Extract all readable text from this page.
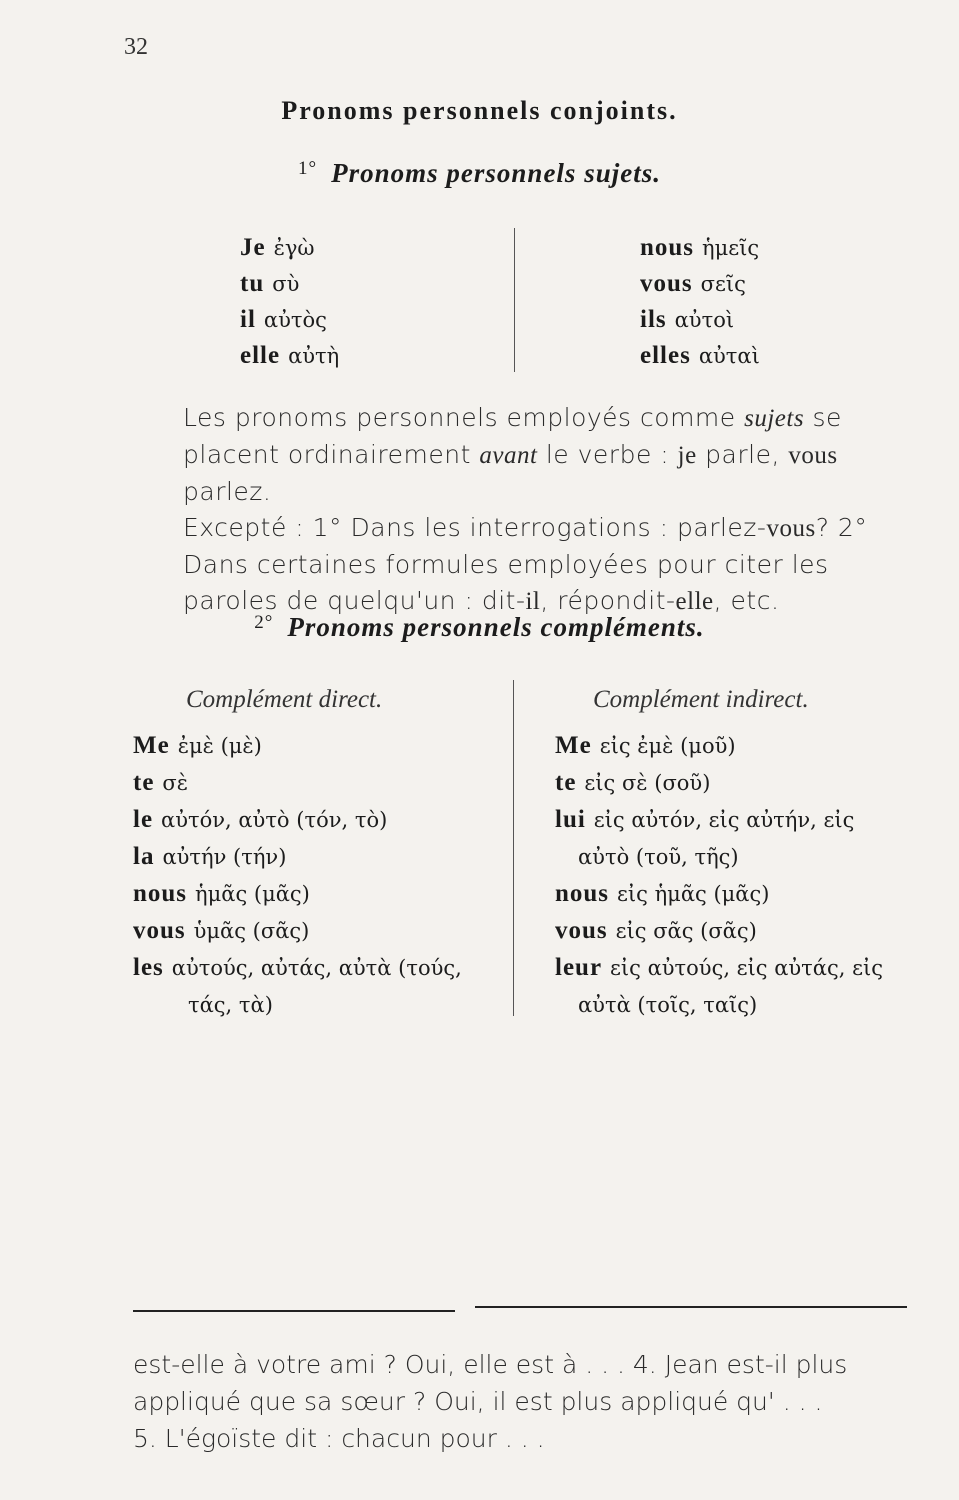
32
Pronoms personnels conjoints.
$^{1^\circ}$ Pronoms personnels sujets.
Je ἐγὼ
tu σὺ
il αὐτὸς
elle αὐτὴ
nous ἡμεῖς
vous σεῖς
ils αὐτοὶ
elles αὐταὶ
Les pronoms personnels employés comme sujets se placent ordinairement avant le verbe : je parle, vous parlez.
Excepté : 1° Dans les interrogations : parlez-vous? 2° Dans certaines formules employées pour citer les paroles de quelqu'un : dit-il, répondit-elle, etc.
$^{2^\circ}$ Pronoms personnels compléments.
Complément direct.	Complément indirect.
Me ἐμὲ (μὲ)
te σὲ
le αὐτόν, αὐτὸ (τόν, τὸ)
la αὐτήν (τήν)
nous ἡμᾶς (μᾶς)
vous ὑμᾶς (σᾶς)
les αὐτούς, αὐτάς, αὐτὰ (τούς,
τάς, τὰ)
Me εἰς ἐμὲ (μοῦ)
te εἰς σὲ (σοῦ)
lui εἰς αὐτόν, εἰς αὐτήν, εἰς
αὐτὸ (τοῦ, τῆς)
nous εἰς ἡμᾶς (μᾶς)
vous εἰς σᾶς (σᾶς)
leur εἰς αὐτούς, εἰς αὐτάς, εἰς
αὐτὰ (τοῖς, ταῖς)
est-elle à votre ami ? Oui, elle est à . . . 4. Jean est-il plus
appliqué que sa sœur ? Oui, il est plus appliqué qu' . . .
5. L'égoïste dit : chacun pour . . .
